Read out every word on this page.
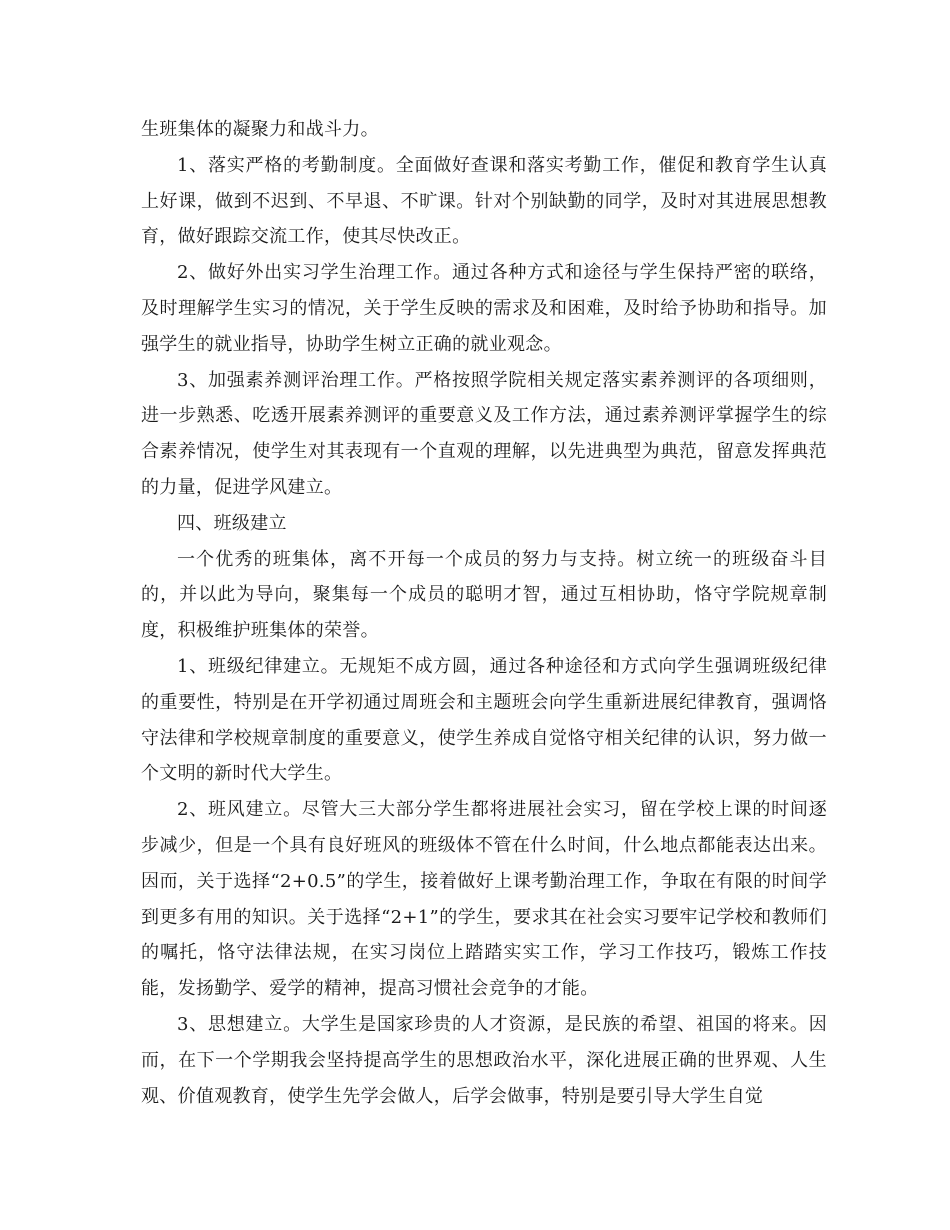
生班集体的凝聚力和战斗力。

1、落实严格的考勤制度。全面做好查课和落实考勤工作，催促和教育学生认真上好课，做到不迟到、不早退、不旷课。针对个别缺勤的同学，及时对其进展思想教育，做好跟踪交流工作，使其尽快改正。

2、做好外出实习学生治理工作。通过各种方式和途径与学生保持严密的联络，及时理解学生实习的情况，关于学生反映的需求及和困难，及时给予协助和指导。加强学生的就业指导，协助学生树立正确的就业观念。

3、加强素养测评治理工作。严格按照学院相关规定落实素养测评的各项细则，进一步熟悉、吃透开展素养测评的重要意义及工作方法，通过素养测评掌握学生的综合素养情况，使学生对其表现有一个直观的理解，以先进典型为典范，留意发挥典范的力量，促进学风建立。

四、班级建立

一个优秀的班集体，离不开每一个成员的努力与支持。树立统一的班级奋斗目的，并以此为导向，聚集每一个成员的聪明才智，通过互相协助，恪守学院规章制度，积极维护班集体的荣誉。

1、班级纪律建立。无规矩不成方圆，通过各种途径和方式向学生强调班级纪律的重要性，特别是在开学初通过周班会和主题班会向学生重新进展纪律教育，强调恪守法律和学校规章制度的重要意义，使学生养成自觉恪守相关纪律的认识，努力做一个文明的新时代大学生。

2、班风建立。尽管大三大部分学生都将进展社会实习，留在学校上课的时间逐步减少，但是一个具有良好班风的班级体不管在什么时间，什么地点都能表达出来。因而，关于选择“2+0.5”的学生，接着做好上课考勤治理工作，争取在有限的时间学到更多有用的知识。关于选择“2+1”的学生，要求其在社会实习要牢记学校和教师们的嘱托，恪守法律法规，在实习岗位上踏踏实实工作，学习工作技巧，锻炼工作技能，发扬勤学、爱学的精神，提高习惯社会竞争的才能。

3、思想建立。大学生是国家珍贵的人才资源，是民族的希望、祖国的将来。因而，在下一个学期我会坚持提高学生的思想政治水平，深化进展正确的世界观、人生观、价值观教育，使学生先学会做人，后学会做事，特别是要引导大学生自觉
